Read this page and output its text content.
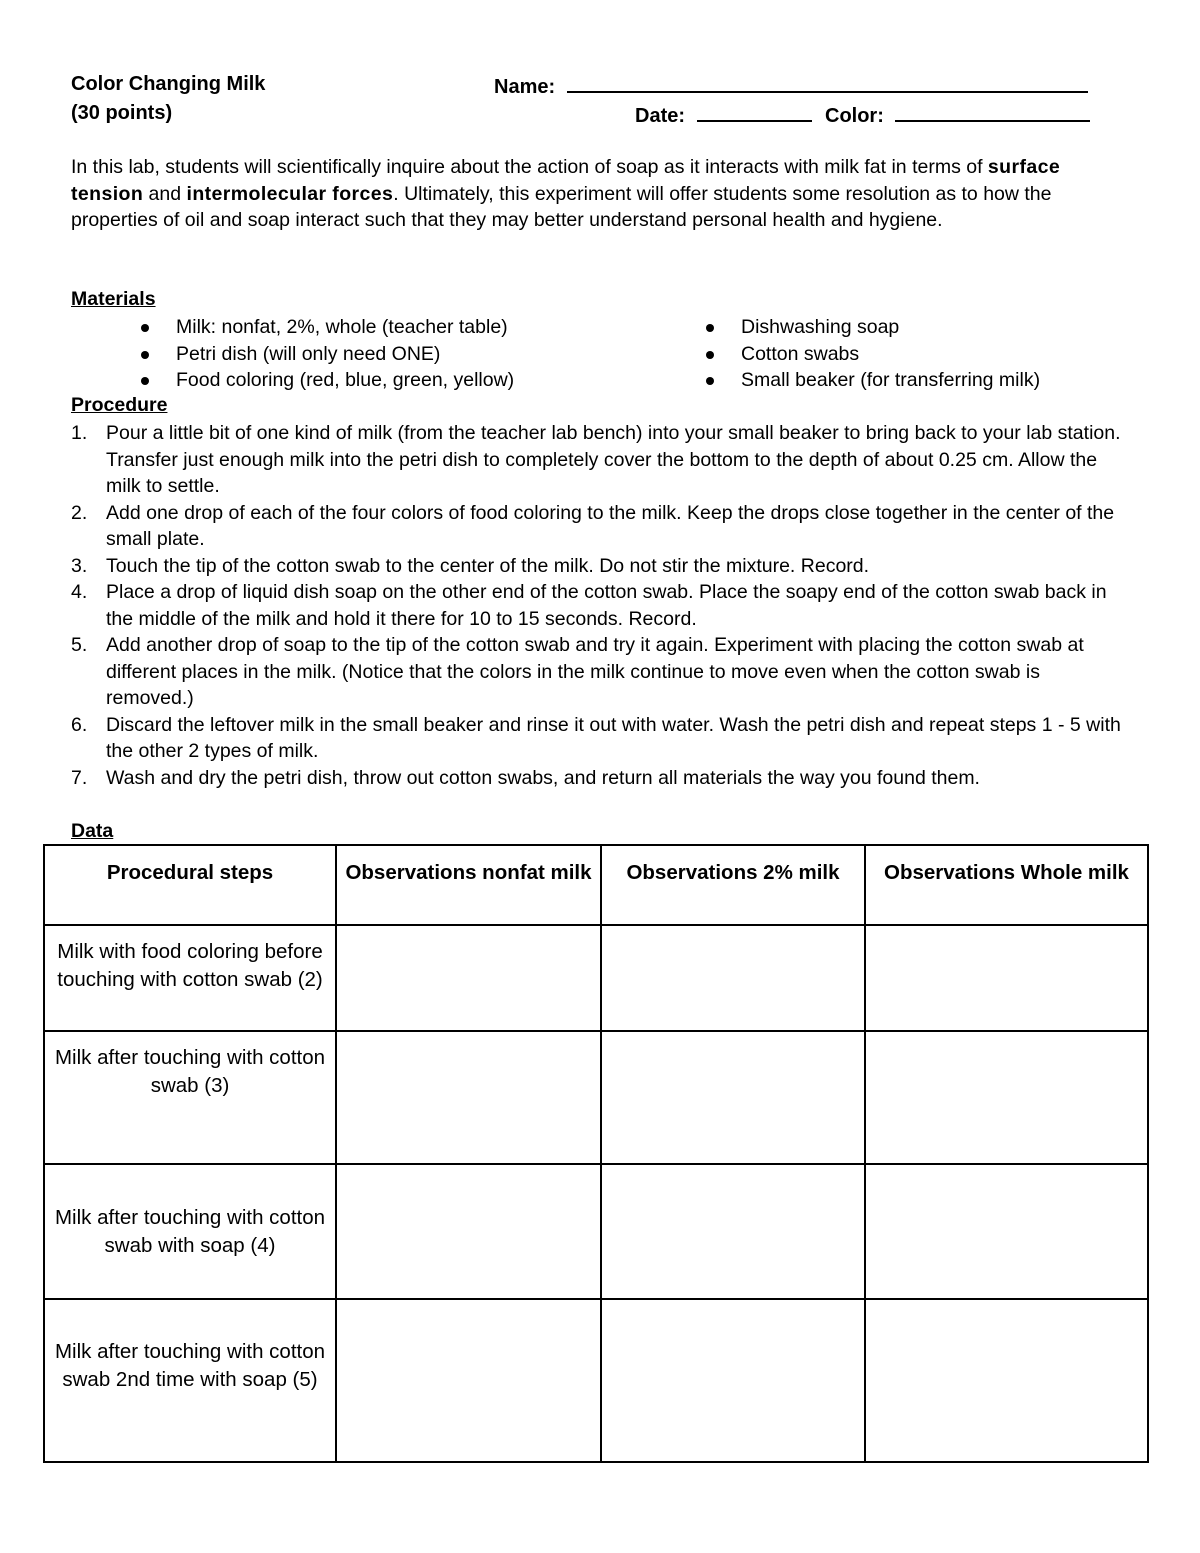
Color Changing Milk
(30 points)
Name:
Date:	Color:
In this lab, students will scientifically inquire about the action of soap as it interacts with milk fat in terms of surface tension and intermolecular forces. Ultimately, this experiment will offer students some resolution as to how the properties of oil and soap interact such that they may better understand personal health and hygiene.
Materials
Milk: nonfat, 2%, whole (teacher table)
Petri dish (will only need ONE)
Food coloring (red, blue, green, yellow)
Dishwashing soap
Cotton swabs
Small beaker (for transferring milk)
Procedure
1. Pour a little bit of one kind of milk (from the teacher lab bench) into your small beaker to bring back to your lab station. Transfer just enough milk into the petri dish to completely cover the bottom to the depth of about 0.25 cm. Allow the milk to settle.
2. Add one drop of each of the four colors of food coloring to the milk. Keep the drops close together in the center of the small plate.
3. Touch the tip of the cotton swab to the center of the milk. Do not stir the mixture. Record.
4. Place a drop of liquid dish soap on the other end of the cotton swab. Place the soapy end of the cotton swab back in the middle of the milk and hold it there for 10 to 15 seconds. Record.
5. Add another drop of soap to the tip of the cotton swab and try it again. Experiment with placing the cotton swab at different places in the milk. (Notice that the colors in the milk continue to move even when the cotton swab is removed.)
6. Discard the leftover milk in the small beaker and rinse it out with water. Wash the petri dish and repeat steps 1 - 5 with the other 2 types of milk.
7. Wash and dry the petri dish, throw out cotton swabs, and return all materials the way you found them.
Data
Procedural steps	Observations nonfat milk	Observations 2% milk	Observations Whole milk
Milk with food coloring before touching with cotton swab (2)			
Milk after touching with cotton swab (3)			
Milk after touching with cotton swab with soap (4)			
Milk after touching with cotton swab 2nd time with soap (5)			
